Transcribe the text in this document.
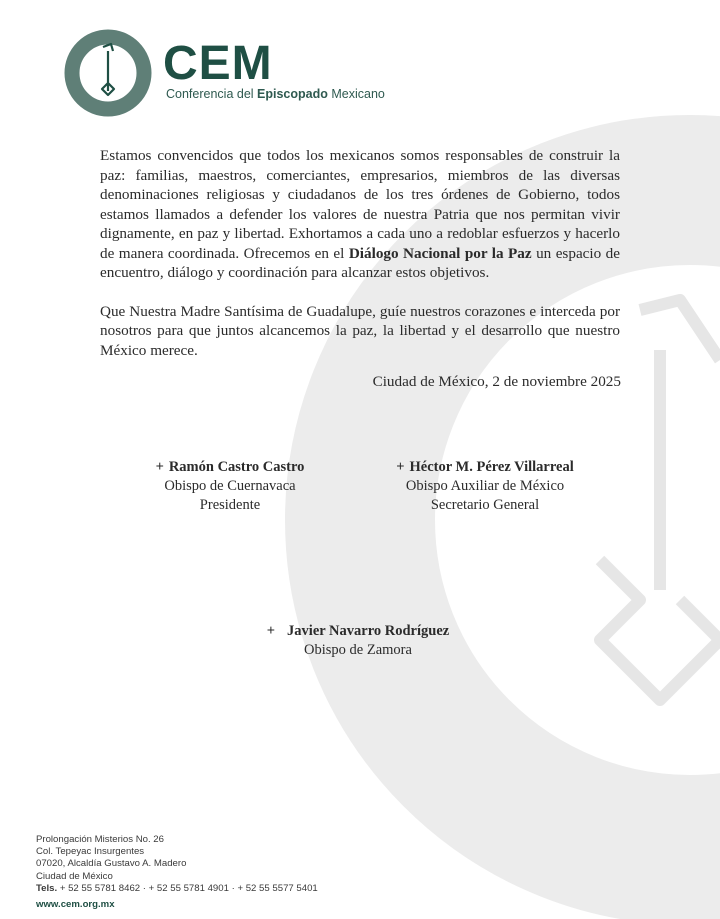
CEM
Conferencia del Episcopado Mexicano

Estamos convencidos que todos los mexicanos somos responsables de construir la paz: familias, maestros, comerciantes, empresarios, miembros de las diversas denominaciones religiosas y ciudadanos de los tres órdenes de Gobierno, todos estamos llamados a defender los valores de nuestra Patria que nos permitan vivir dignamente, en paz y libertad. Exhortamos a cada uno a redoblar esfuerzos y hacerlo de manera coordinada. Ofrecemos en el Diálogo Nacional por la Paz un espacio de encuentro, diálogo y coordinación para alcanzar estos objetivos.

Que Nuestra Madre Santísima de Guadalupe, guíe nuestros corazones e interceda por nosotros para que juntos alcancemos la paz, la libertad y el desarrollo que nuestro México merece.

Ciudad de México, 2 de noviembre 2025
+ Ramón Castro Castro
Obispo de Cuernavaca
Presidente
+ Héctor M. Pérez Villarreal
Obispo Auxiliar de México
Secretario General
+ Javier Navarro Rodríguez
Obispo de Zamora
Prolongación Misterios No. 26
Col. Tepeyac Insurgentes
07020, Alcaldía Gustavo A. Madero
Ciudad de México
Tels. + 52 55 5781 8462 · + 52 55 5781 4901 · + 52 55 5577 5401
www.cem.org.mx
